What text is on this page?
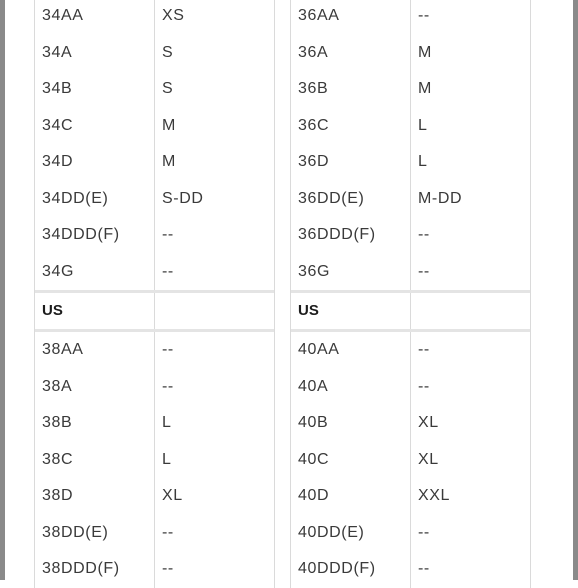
34AA	XS
34A	S
34B	S
34C	M
34D	M
34DD(E)	S-DD
34DDD(F)	--
34G	--
US
38AA	--
38A	--
38B	L
38C	L
38D	XL
38DD(E)	--
38DDD(F)	--
36AA	--
36A	M
36B	M
36C	L
36D	L
36DD(E)	M-DD
36DDD(F)	--
36G	--
US
40AA	--
40A	--
40B	XL
40C	XL
40D	XXL
40DD(E)	--
40DDD(F)	--
